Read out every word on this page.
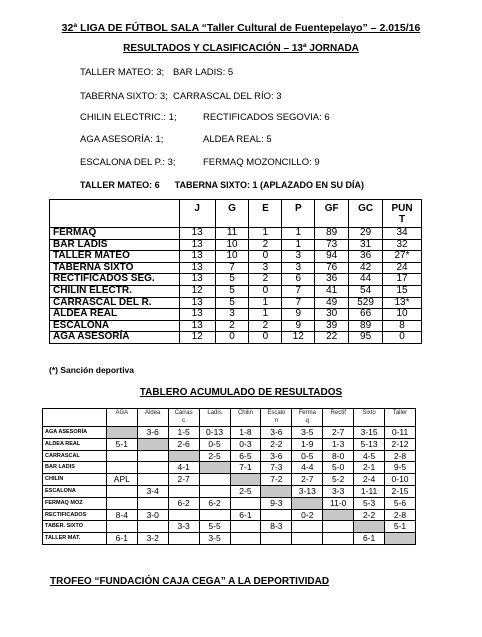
32ª LIGA DE FÚTBOL SALA “Taller Cultural de Fuentepelayo” – 2.015/16
RESULTADOS Y CLASIFICACIÓN – 13ª JORNADA
TALLER MATEO: 3; BAR LADIS: 5
TABERNA SIXTO: 3; CARRASCAL DEL RÍO: 3
CHILIN ELECTRIC.: 1;	RECTIFICADOS SEGOVIA: 6
AGA ASESORÍA: 1;	ALDEA REAL: 5
ESCALONA DEL P.: 3;	FERMAQ MOZONCILLO: 9
TALLER MATEO: 6      TABERNA SIXTO: 1 (APLAZADO EN SU DÍA)
	J	G	E	P	GF	GC	PUN
T
FERMAQ	13	11	1	1	89	29	34
BAR LADIS	13	10	2	1	73	31	32
TALLER MATEO	13	10	0	3	94	36	27*
TABERNA SIXTO	13	7	3	3	76	42	24
RECTIFICADOS SEG.	13	5	2	6	36	44	17
CHILIN ELECTR.	12	5	0	7	41	54	15
CARRASCAL DEL R.	13	5	1	7	49	529	13*
ALDEA REAL	13	3	1	9	30	66	10
ESCALONA	13	2	2	9	39	89	8
AGA ASESORÍA	12	0	0	12	22	95	0
(*) Sanción deportiva
TABLERO ACUMULADO DE RESULTADOS
	AGA	Aldea	Carras
c	Ladis	Chilin	Escalo
n	Ferma
q	Rectif	Sixto	Taller
AGA ASESORÍA		3-6	1-5	0-13	1-8	3-6	3-5	2-7	3-15	0-11
ALDEA REAL	5-1		2-6	0-5	0-3	2-2	1-9	1-3	5-13	2-12
CARRASCAL				2-5	6-5	3-6	0-5	8-0	4-5	2-8
BAR LADIS			4-1		7-1	7-3	4-4	5-0	2-1	9-5
CHILIN	APL		2-7			7-2	2-7	5-2	2-4	0-10
ESCALONA		3-4			2-5		3-13	3-3	1-11	2-15
FERMAQ MOZ			6-2	6-2		9-3		11-0	5-3	5-6
RECTIFICADOS	8-4	3-0			6-1		0-2		2-2	2-8
TABER. SIXTO			3-3	5-5		8-3				5-1
TALLER MAT.	6-1	3-2		3-5					6-1	
TROFEO “FUNDACIÓN CAJA CEGA” A LA DEPORTIVIDAD
